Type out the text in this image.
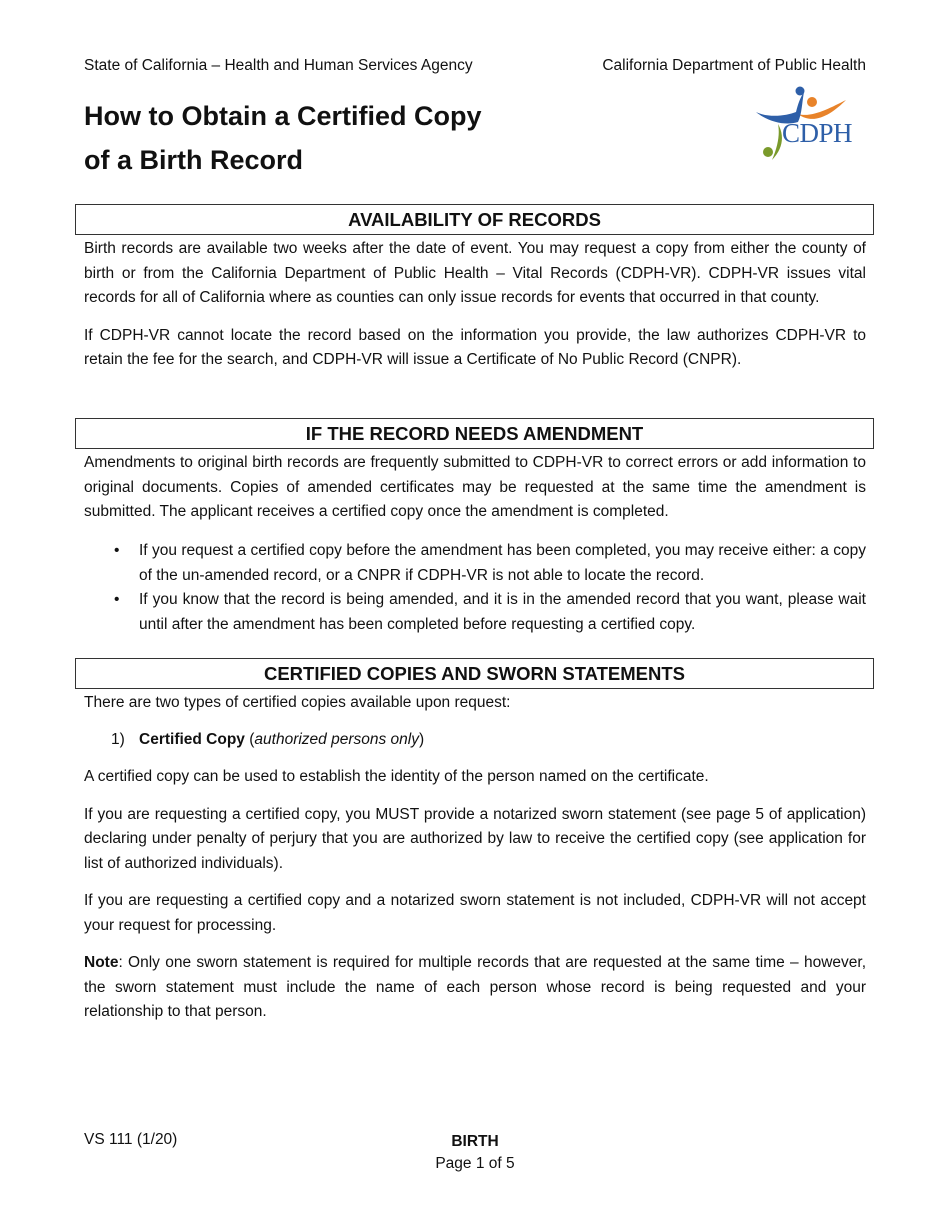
State of California – Health and Human Services Agency	California Department of Public Health
How to Obtain a Certified Copy
of a Birth Record
CDPH
AVAILABILITY OF RECORDS

Birth records are available two weeks after the date of event. You may request a copy from either the county of birth or from the California Department of Public Health – Vital Records (CDPH-VR). CDPH-VR issues vital records for all of California where as counties can only issue records for events that occurred in that county.

If CDPH-VR cannot locate the record based on the information you provide, the law authorizes CDPH-VR to retain the fee for the search, and CDPH-VR will issue a Certificate of No Public Record (CNPR).

IF THE RECORD NEEDS AMENDMENT

Amendments to original birth records are frequently submitted to CDPH-VR to correct errors or add information to original documents. Copies of amended certificates may be requested at the same time the amendment is submitted. The applicant receives a certified copy once the amendment is completed.

• If you request a certified copy before the amendment has been completed, you may receive either: a copy of the un-amended record, or a CNPR if CDPH-VR is not able to locate the record.
• If you know that the record is being amended, and it is in the amended record that you want, please wait until after the amendment has been completed before requesting a certified copy.
CERTIFIED COPIES AND SWORN STATEMENTS
There are two types of certified copies available upon request:
1) Certified Copy (authorized persons only)

A certified copy can be used to establish the identity of the person named on the certificate.

If you are requesting a certified copy, you MUST provide a notarized sworn statement (see page 5 of application) declaring under penalty of perjury that you are authorized by law to receive the certified copy (see application for list of authorized individuals).

If you are requesting a certified copy and a notarized sworn statement is not included, CDPH-VR will not accept your request for processing.

Note: Only one sworn statement is required for multiple records that are requested at the same time – however, the sworn statement must include the name of each person whose record is being requested and your relationship to that person.

VS 111 (1/20)	BIRTH
Page 1 of 5
